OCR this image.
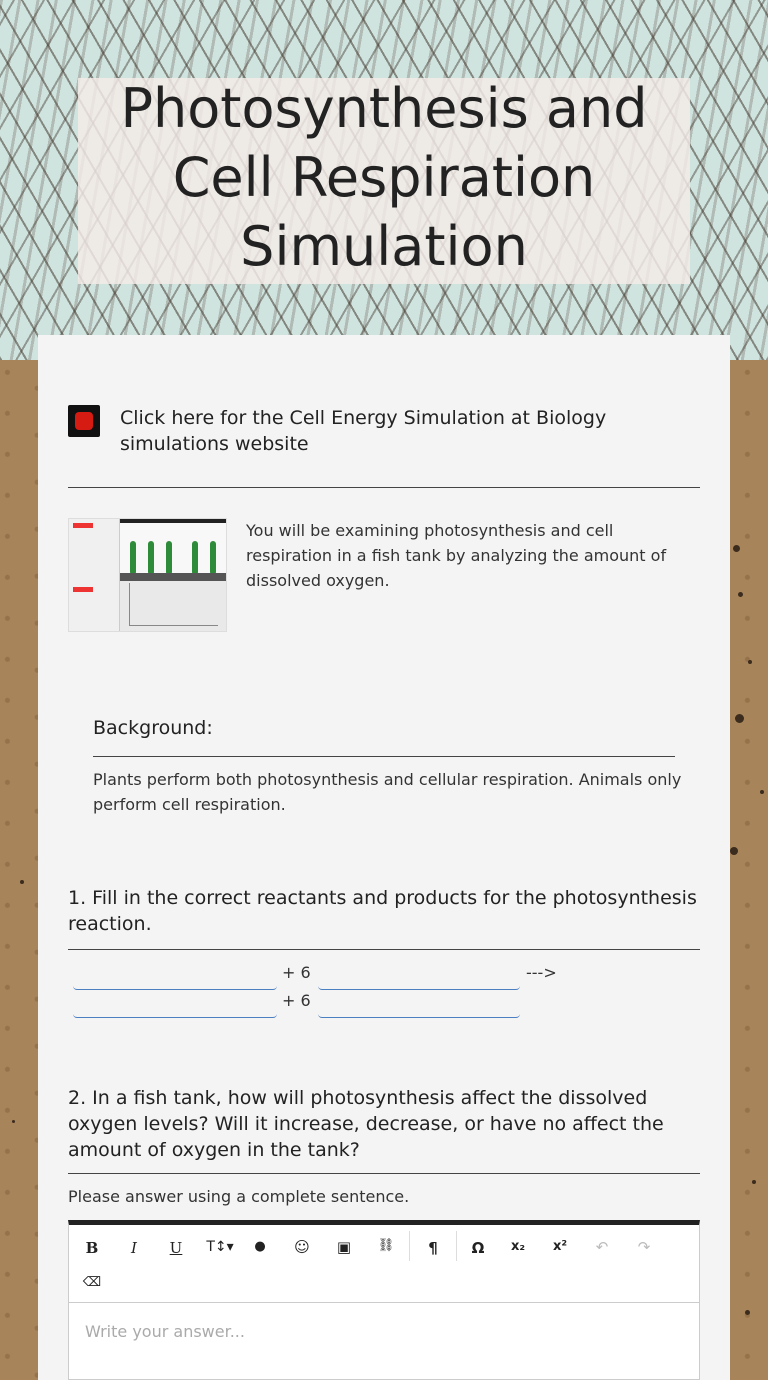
Photosynthesis and Cell Respiration Simulation
Click here for the Cell Energy Simulation at Biology simulations website
You will be examining photosynthesis and cell respiration in a fish tank by analyzing the amount of dissolved oxygen.
Background:
Plants perform both photosynthesis and cellular respiration. Animals only perform cell respiration.
1. Fill in the correct reactants and products for the photosynthesis reaction.
+ 6	--->
+ 6
2. In a fish tank, how will photosynthesis affect the dissolved oxygen levels? Will it increase, decrease, or have no affect the amount of oxygen in the tank?
Please answer using a complete sentence.
B	I	U	T↕▾	●	☺	▣	⛓	¶	Ω	x₂	x²	↶	↷
⌫
Write your answer...
